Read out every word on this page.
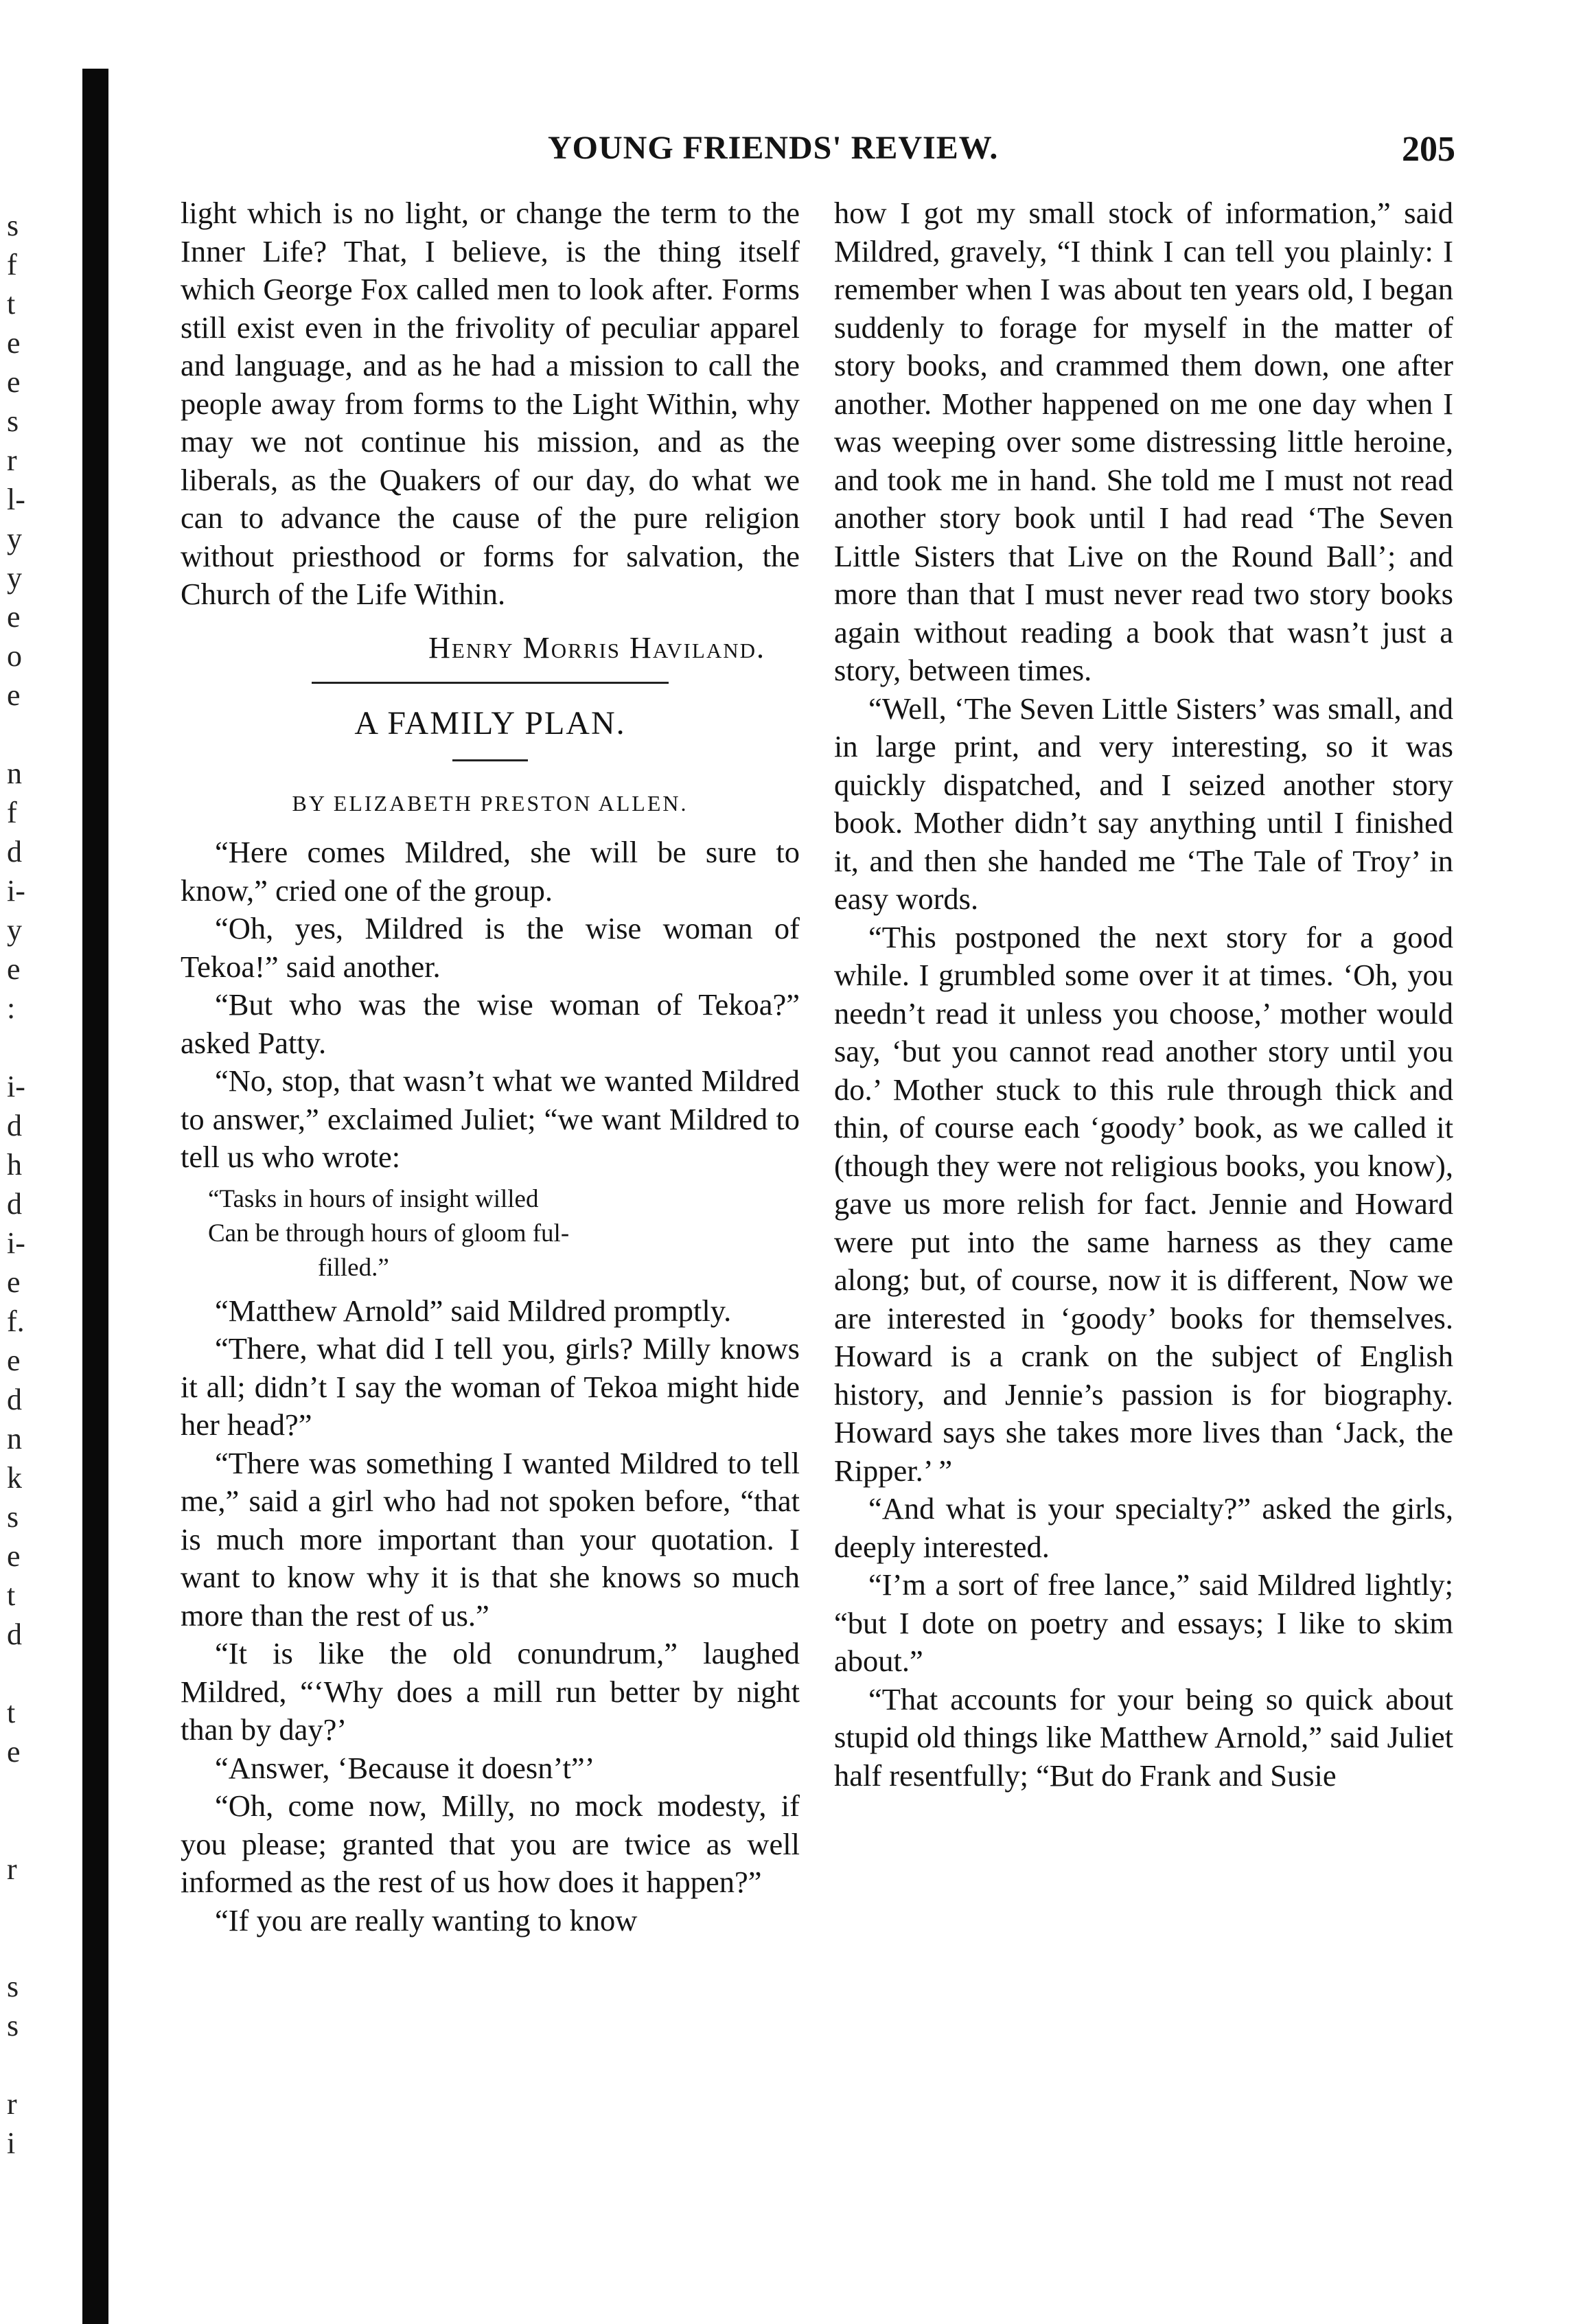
s
f
t
e
e
s
r
l-
y
y
e
o
e
n
f
d
i-
y
e
:
i-
d
h
d
i-
e
f.
e
d
n
k
s
e
t
d
t
e
r
s
s
r
i
YOUNG FRIENDS' REVIEW.	205

light which is no light, or change the term to the Inner Life? That, I believe, is the thing itself which George Fox called men to look after. Forms still exist even in the frivolity of peculiar apparel and language, and as he had a mission to call the people away from forms to the Light Within, why may we not continue his mission, and as the liberals, as the Quakers of our day, do what we can to advance the cause of the pure religion without priesthood or forms for salvation, the Church of the Life Within.

Henry Morris Haviland.

A FAMILY PLAN.

BY ELIZABETH PRESTON ALLEN.

“Here comes Mildred, she will be sure to know,” cried one of the group.

“Oh, yes, Mildred is the wise woman of Tekoa!” said another.

“But who was the wise woman of Tekoa?” asked Patty.

“No, stop, that wasn’t what we wanted Mildred to answer,” exclaimed Juliet; “we want Mildred to tell us who wrote:

“Tasks in hours of insight willed
Can be through hours of gloom ful-
filled.”

“Matthew Arnold” said Mildred promptly.

“There, what did I tell you, girls? Milly knows it all; didn’t I say the woman of Tekoa might hide her head?”

“There was something I wanted Mildred to tell me,” said a girl who had not spoken before, “that is much more important than your quotation. I want to know why it is that she knows so much more than the rest of us.”

“It is like the old conundrum,” laughed Mildred, “‘Why does a mill run better by night than by day?’

“Answer, ‘Because it doesn’t”’

“Oh, come now, Milly, no mock modesty, if you please; granted that you are twice as well informed as the rest of us how does it happen?”

“If you are really wanting to know

how I got my small stock of information,” said Mildred, gravely, “I think I can tell you plainly: I remember when I was about ten years old, I began suddenly to forage for myself in the matter of story books, and crammed them down, one after another. Mother happened on me one day when I was weeping over some distressing little heroine, and took me in hand. She told me I must not read another story book until I had read ‘The Seven Little Sisters that Live on the Round Ball’; and more than that I must never read two story books again without reading a book that wasn’t just a story, between times.

“Well, ‘The Seven Little Sisters’ was small, and in large print, and very interesting, so it was quickly dispatched, and I seized another story book. Mother didn’t say anything until I finished it, and then she handed me ‘The Tale of Troy’ in easy words.

“This postponed the next story for a good while. I grumbled some over it at times. ‘Oh, you needn’t read it unless you choose,’ mother would say, ‘but you cannot read another story until you do.’ Mother stuck to this rule through thick and thin, of course each ‘goody’ book, as we called it (though they were not religious books, you know), gave us more relish for fact. Jennie and Howard were put into the same harness as they came along; but, of course, now it is different, Now we are interested in ‘goody’ books for themselves. Howard is a crank on the subject of English history, and Jennie’s passion is for biography. Howard says she takes more lives than ‘Jack, the Ripper.’ ”

“And what is your specialty?” asked the girls, deeply interested.

“I’m a sort of free lance,” said Mildred lightly; “but I dote on poetry and essays; I like to skim about.”

“That accounts for your being so quick about stupid old things like Matthew Arnold,” said Juliet half resentfully; “But do Frank and Susie
